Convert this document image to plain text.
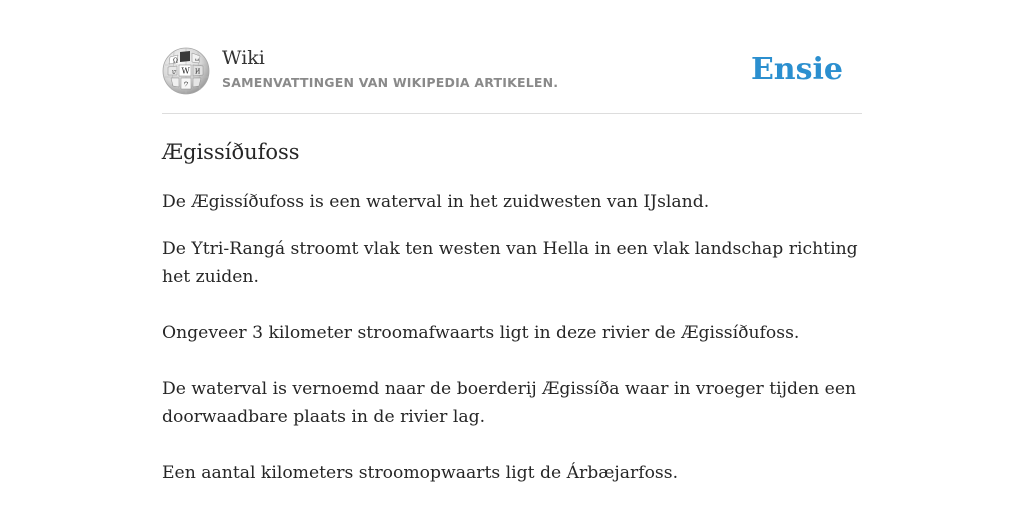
Ω
W И
ש
ウ
ω Wiki
SAMENVATTINGEN VAN WIKIPEDIA ARTIKELEN.	Ensie
Ægissíðufoss

De Ægissíðufoss is een waterval in het zuidwesten van IJsland.

De Ytri-Rangá stroomt vlak ten westen van Hella in een vlak landschap richting het zuiden.

Ongeveer 3 kilometer stroomafwaarts ligt in deze rivier de Ægissíðufoss.

De waterval is vernoemd naar de boerderij Ægissíða waar in vroeger tijden een doorwaadbare plaats in de rivier lag.

Een aantal kilometers stroomopwaarts ligt de Árbæjarfoss.
